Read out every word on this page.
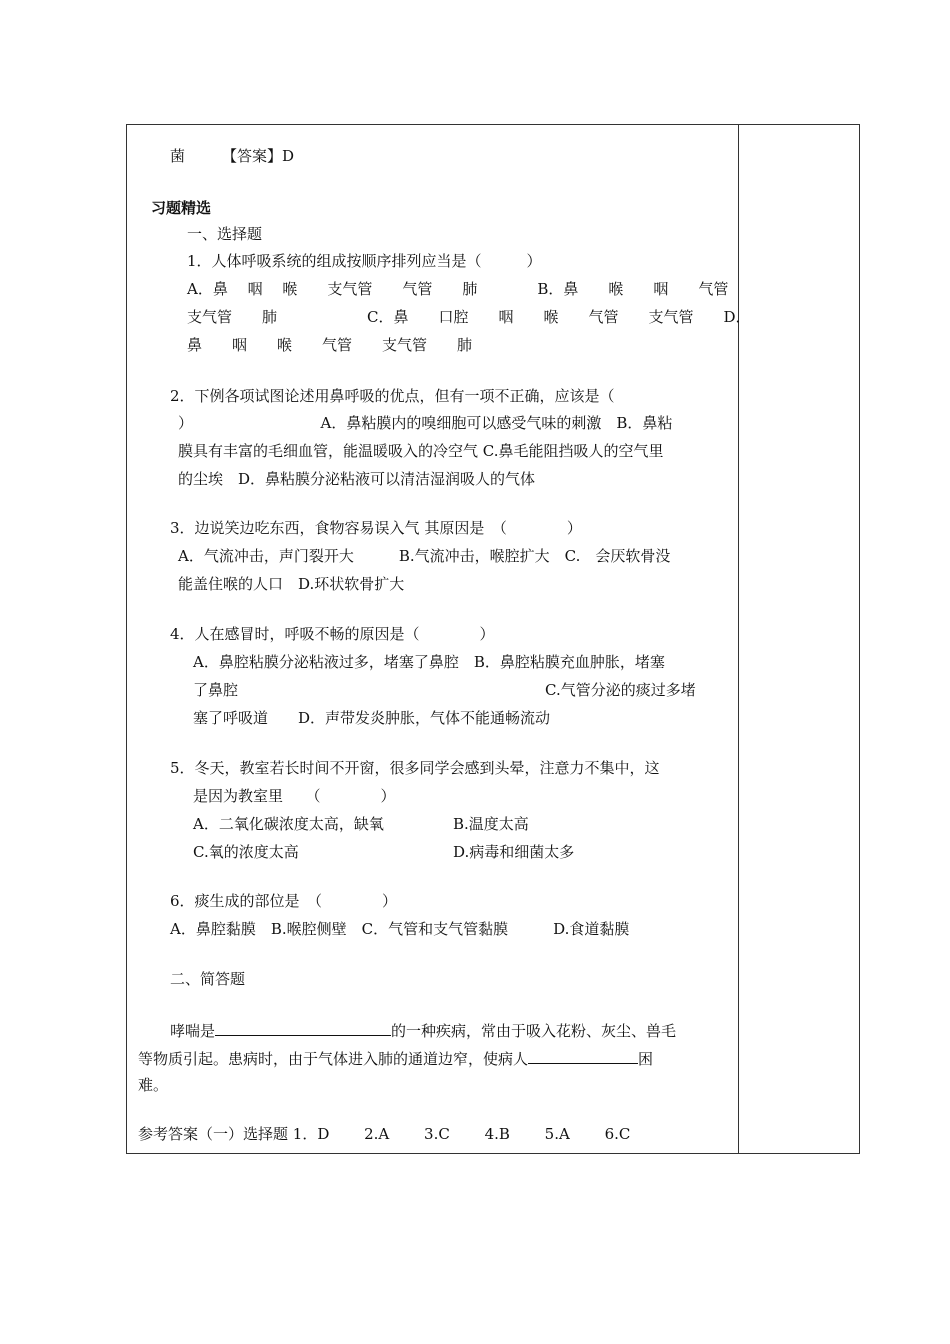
菌 【答案】D
习题精选
一、选择题
1．人体呼吸系统的组成按顺序排列应当是（　　　）
A．鼻　 咽　 喉　　支气管　　气管　　肺　　　　B．鼻　　喉　　咽　　气管
支气管　　肺　　　　　　C．鼻　　口腔　　咽　　喉　　气管　　支气管　　D．
鼻　　咽　　喉　　气管　　支气管　　肺
2．下例各项试图论述用鼻呼吸的优点，但有一项不正确，应该是（
）　　　　　　　　　A．鼻粘膜内的嗅细胞可以感受气味的刺激　B．鼻粘
膜具有丰富的毛细血管，能温暖吸入的冷空气 C.鼻毛能阻挡吸人的空气里
的尘埃　D．鼻粘膜分泌粘液可以清洁湿润吸人的气体
3．边说笑边吃东西，食物容易误入气 其原因是　（　　　　）
A．气流冲击，声门裂开大　　　B.气流冲击，喉腔扩大　C.　会厌软骨没
能盖住喉的人口　D.环状软骨扩大
4．人在感冒时，呼吸不畅的原因是（　　　　）
A．鼻腔粘膜分泌粘液过多，堵塞了鼻腔　B．鼻腔粘膜充血肿胀，堵塞
了鼻腔	C.气管分泌的痰过多堵
塞了呼吸道　　D．声带发炎肿胀，气体不能通畅流动
5．冬天，教室若长时间不开窗，很多同学会感到头晕，注意力不集中，这
是因为教室里　　（　　　　）
A．二氧化碳浓度太高，缺氧	B.温度太高
C.氧的浓度太高	D.病毒和细菌太多
6．痰生成的部位是　（　　　　）
A．鼻腔黏膜　B.喉腔侧壁　C．气管和支气管黏膜　　　D.食道黏膜
二、简答题
哮喘是	的一种疾病，常由于吸入花粉、灰尘、兽毛
等物质引起。患病时，由于气体进入肺的通道边窄，使病人	困
难。
参考答案（一）选择题 1．D　　 2.A　　 3.C　　 4.B　　 5.A　　 6.C
